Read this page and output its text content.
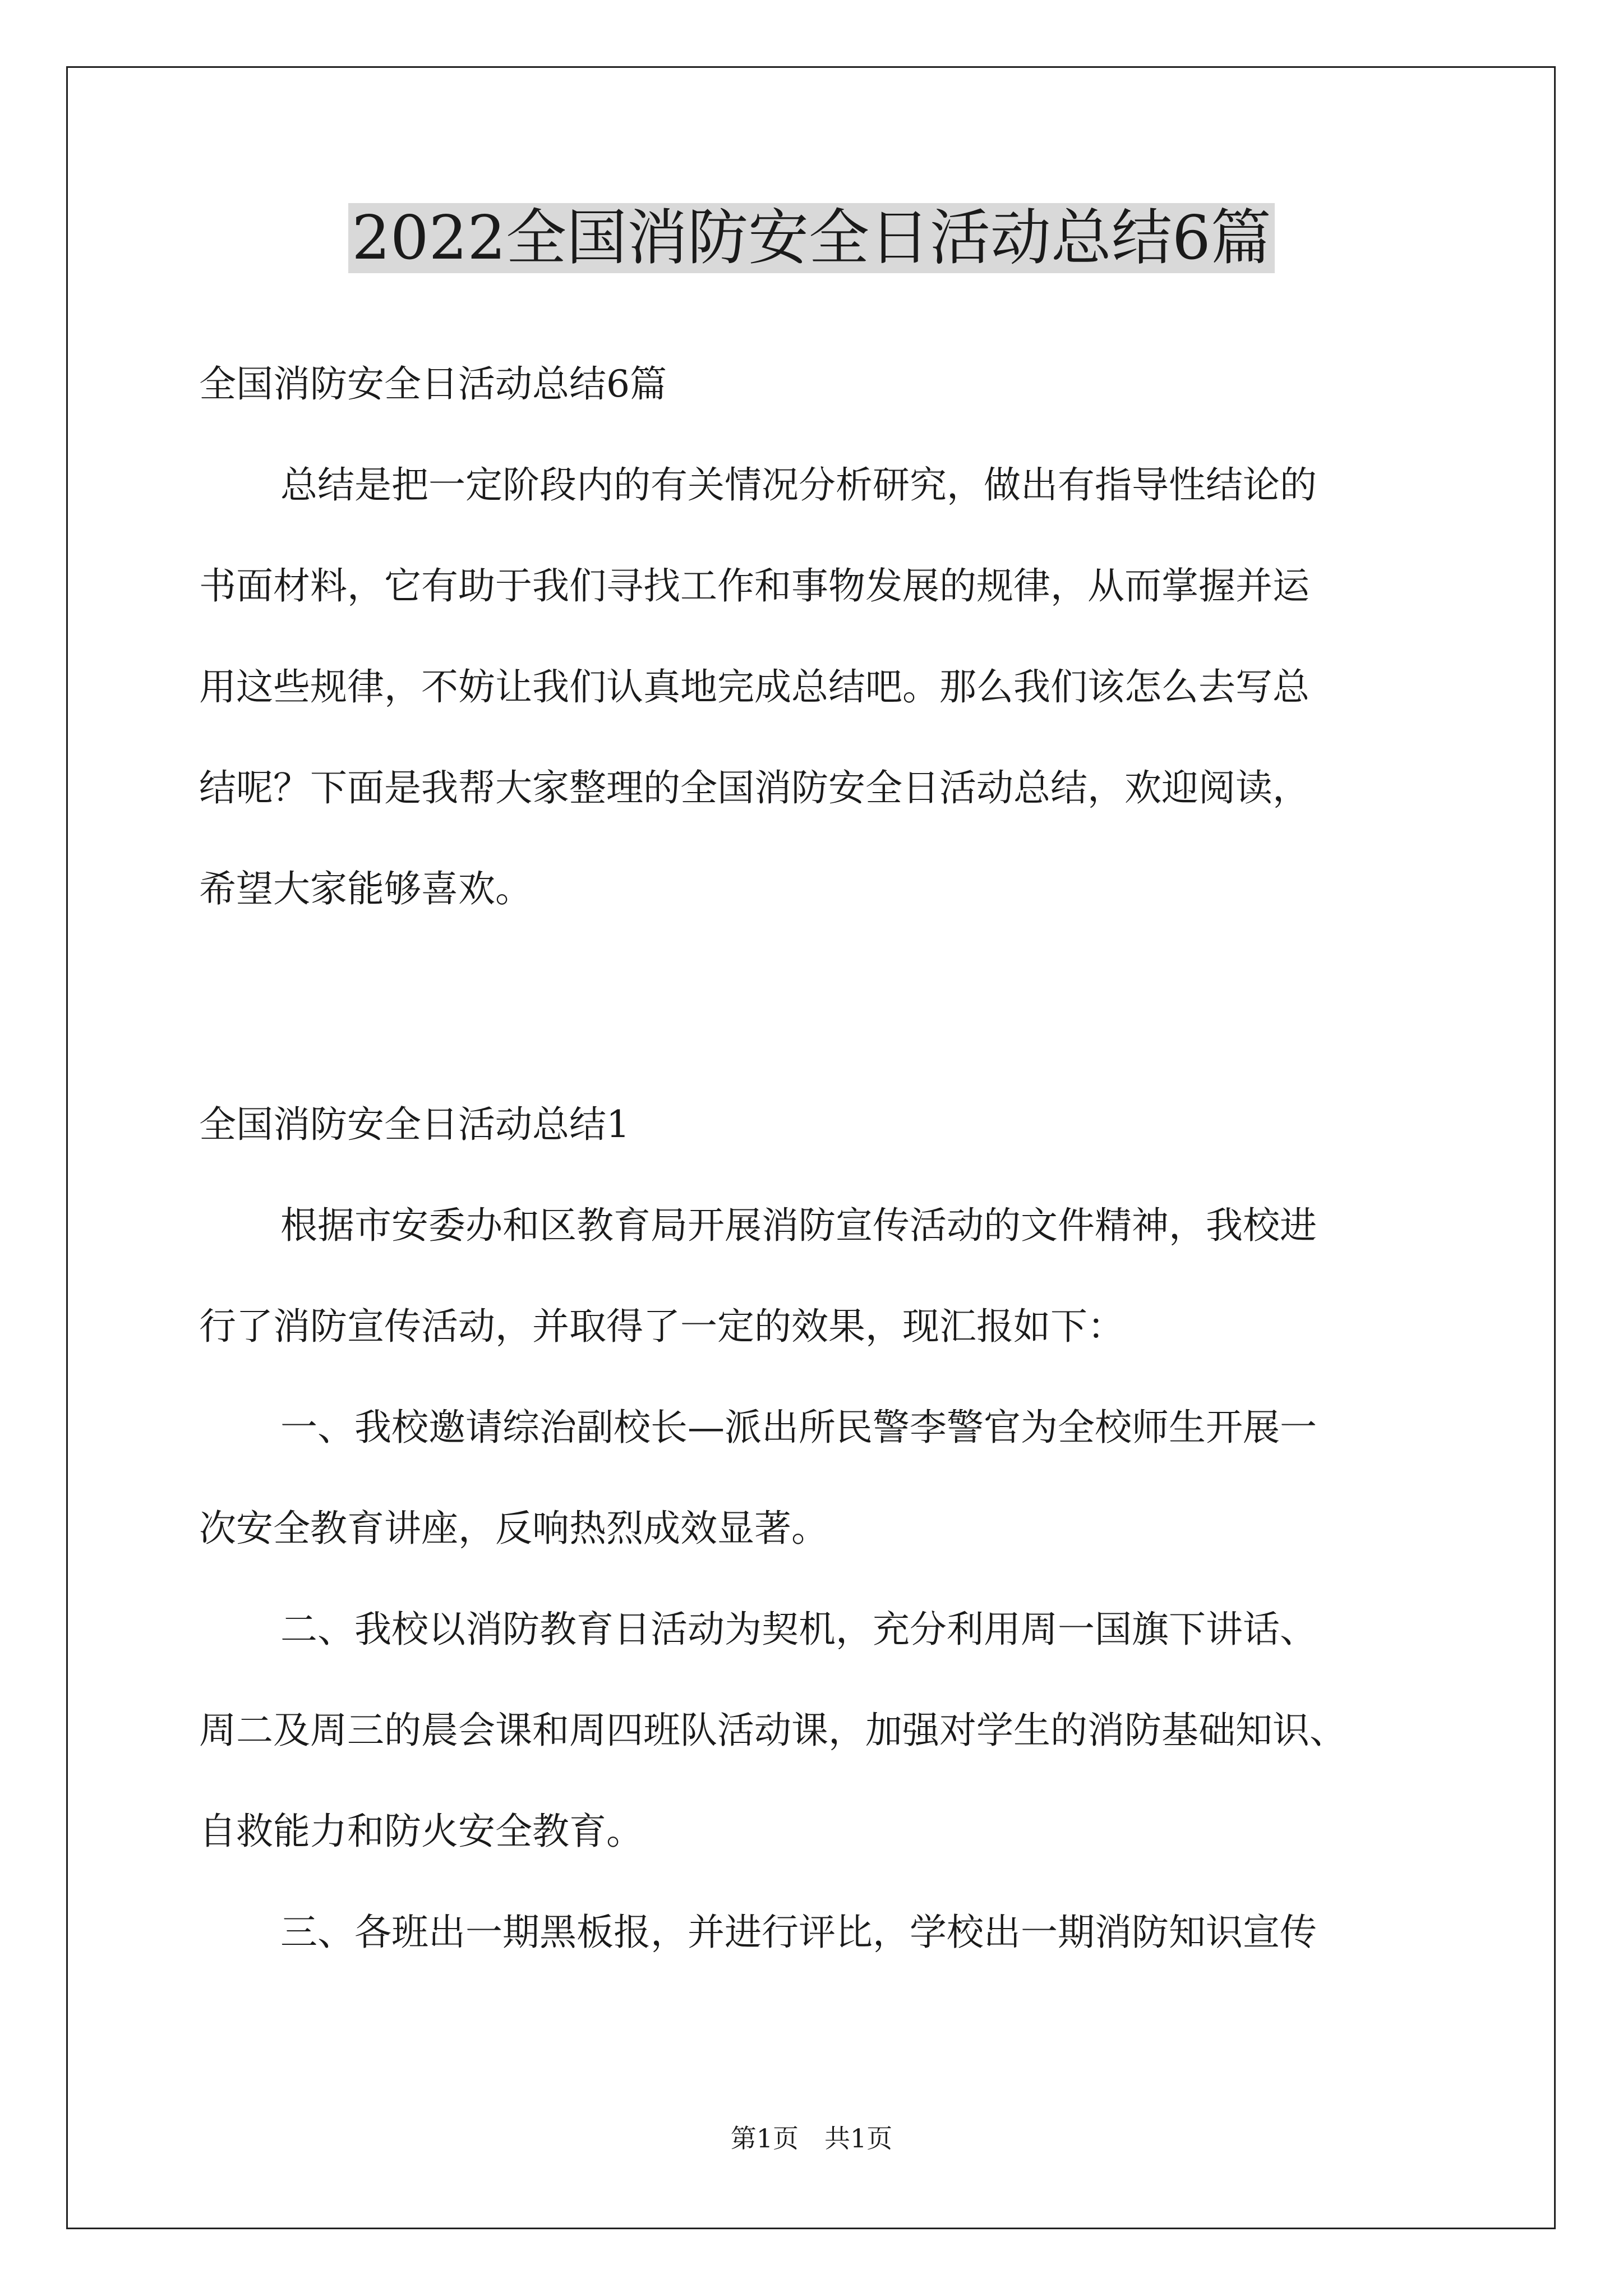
2022全国消防安全日活动总结6篇
全国消防安全日活动总结6篇
总结是把一定阶段内的有关情况分析研究，做出有指导性结论的
书面材料，它有助于我们寻找工作和事物发展的规律，从而掌握并运
用这些规律，不妨让我们认真地完成总结吧。那么我们该怎么去写总
结呢？下面是我帮大家整理的全国消防安全日活动总结，欢迎阅读，
希望大家能够喜欢。
全国消防安全日活动总结1
根据市安委办和区教育局开展消防宣传活动的文件精神，我校进
行了消防宣传活动，并取得了一定的效果，现汇报如下：
一、我校邀请综治副校长—派出所民警李警官为全校师生开展一
次安全教育讲座，反响热烈成效显著。
二、我校以消防教育日活动为契机，充分利用周一国旗下讲话、
周二及周三的晨会课和周四班队活动课，加强对学生的消防基础知识、
自救能力和防火安全教育。
三、各班出一期黑板报，并进行评比，学校出一期消防知识宣传
第1页　共1页
